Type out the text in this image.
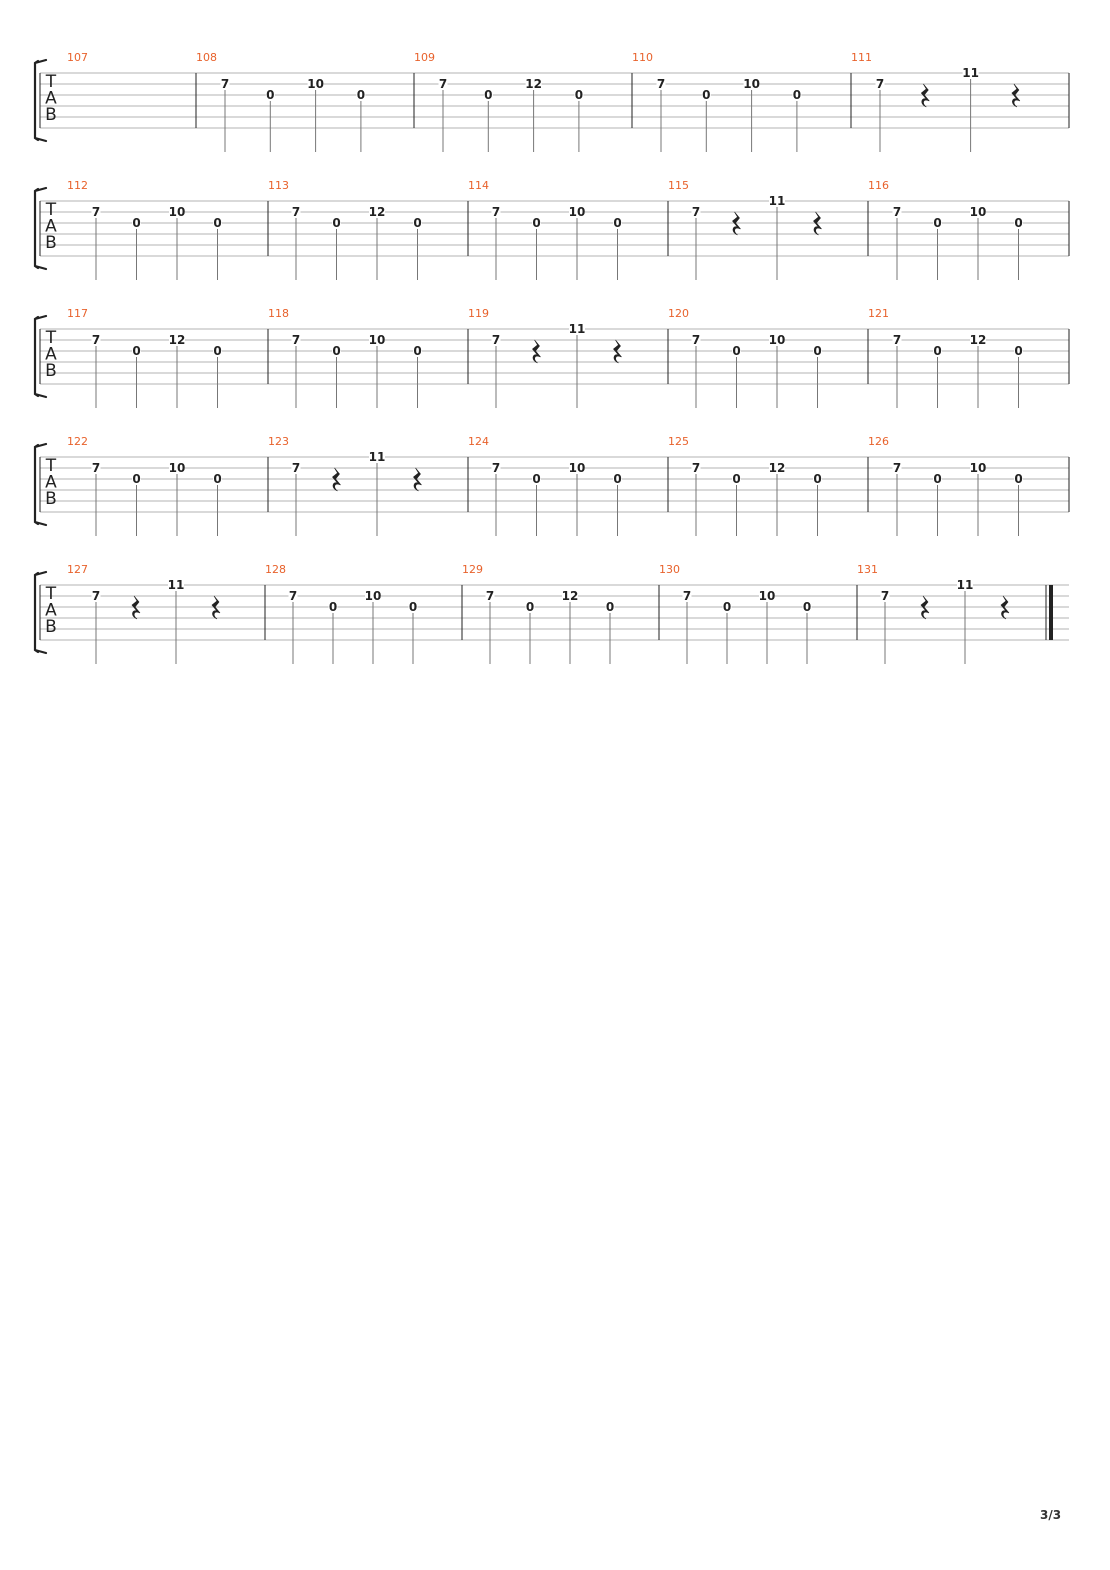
T
A
B
107	108
7
0
10
0
109
7
0
12
0
110
7
0
10
0
111
7
11
T
A
B
112
7
0
10
0
113
7
0
12
0
114
7
0
10
0
115
7
11
116
7
0
10
0
T
A
B
117
7
0
12
0
118
7
0
10
0
119
7
11
120
7
0
10
0
121
7
0
12
0
T
A
B
122
7
0
10
0
123
7
11
124
7
0
10
0
125
7
0
12
0
126
7
0
10
0
T
A
B
127
7
11
128
7
0
10
0
129
7
0
12
0
130
7
0
10
0
131
7
11
3/3
